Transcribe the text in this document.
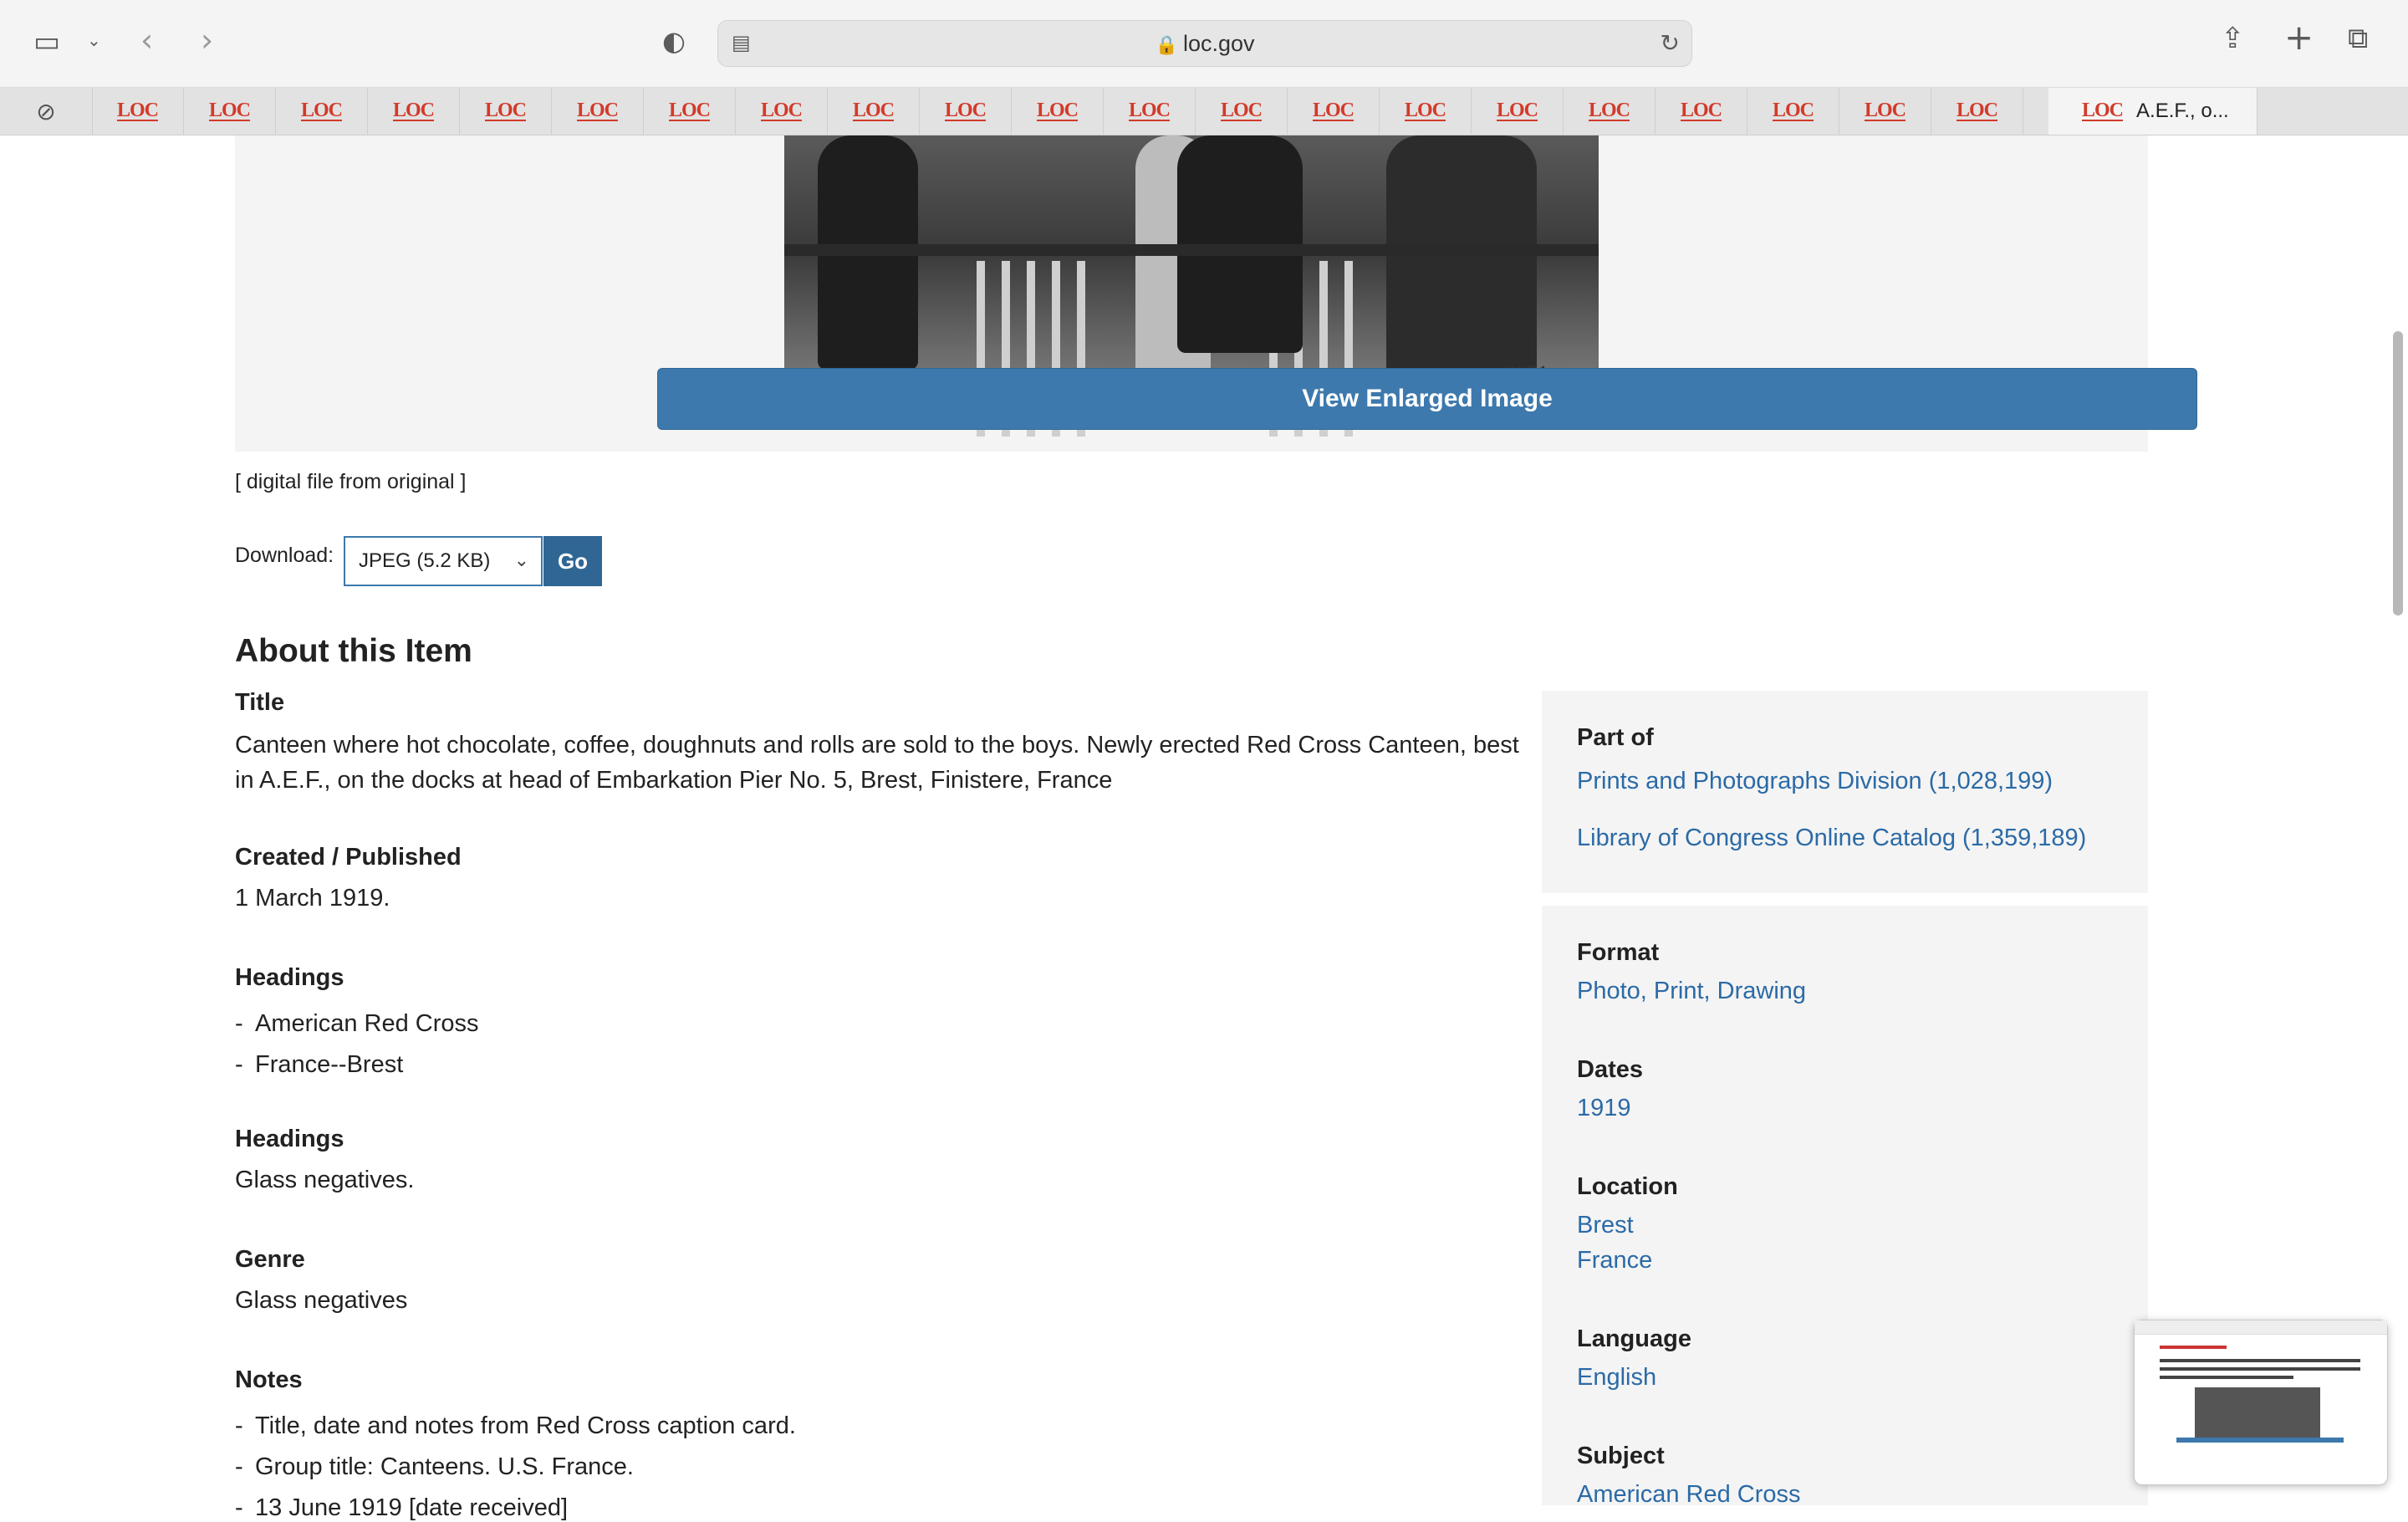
▭ ⌄ ‹ ›	◐ ▤	🔒 loc.gov	↻	⇪ + ⧉
⊘	LOC	LOC	LOC	LOC	LOC	LOC	LOC	LOC	LOC	LOC	LOC	LOC	LOC	LOC	LOC	LOC	LOC	LOC	LOC	LOC	LOC	LOC A.E.F., o...
View Enlarged Image
[ digital file from original ]
Download:	JPEG (5.2 KB) ⌄	Go
About this Item
Title
Canteen where hot chocolate, coffee, doughnuts and rolls are sold to the boys. Newly erected Red Cross Canteen, best in A.E.F., on the docks at head of Embarkation Pier No. 5, Brest, Finistere, France
Created / Published
1 March 1919.
Headings
- American Red Cross
- France--Brest
Headings
Glass negatives.
Genre
Glass negatives
Notes
- Title, date and notes from Red Cross caption card.
- Group title: Canteens. U.S. France.
- 13 June 1919 [date received]
Part of
Prints and Photographs Division (1,028,199)
Library of Congress Online Catalog (1,359,189)
Format
Photo, Print, Drawing
Dates
1919
Location
Brest
France
Language
English
Subject
American Red Cross
